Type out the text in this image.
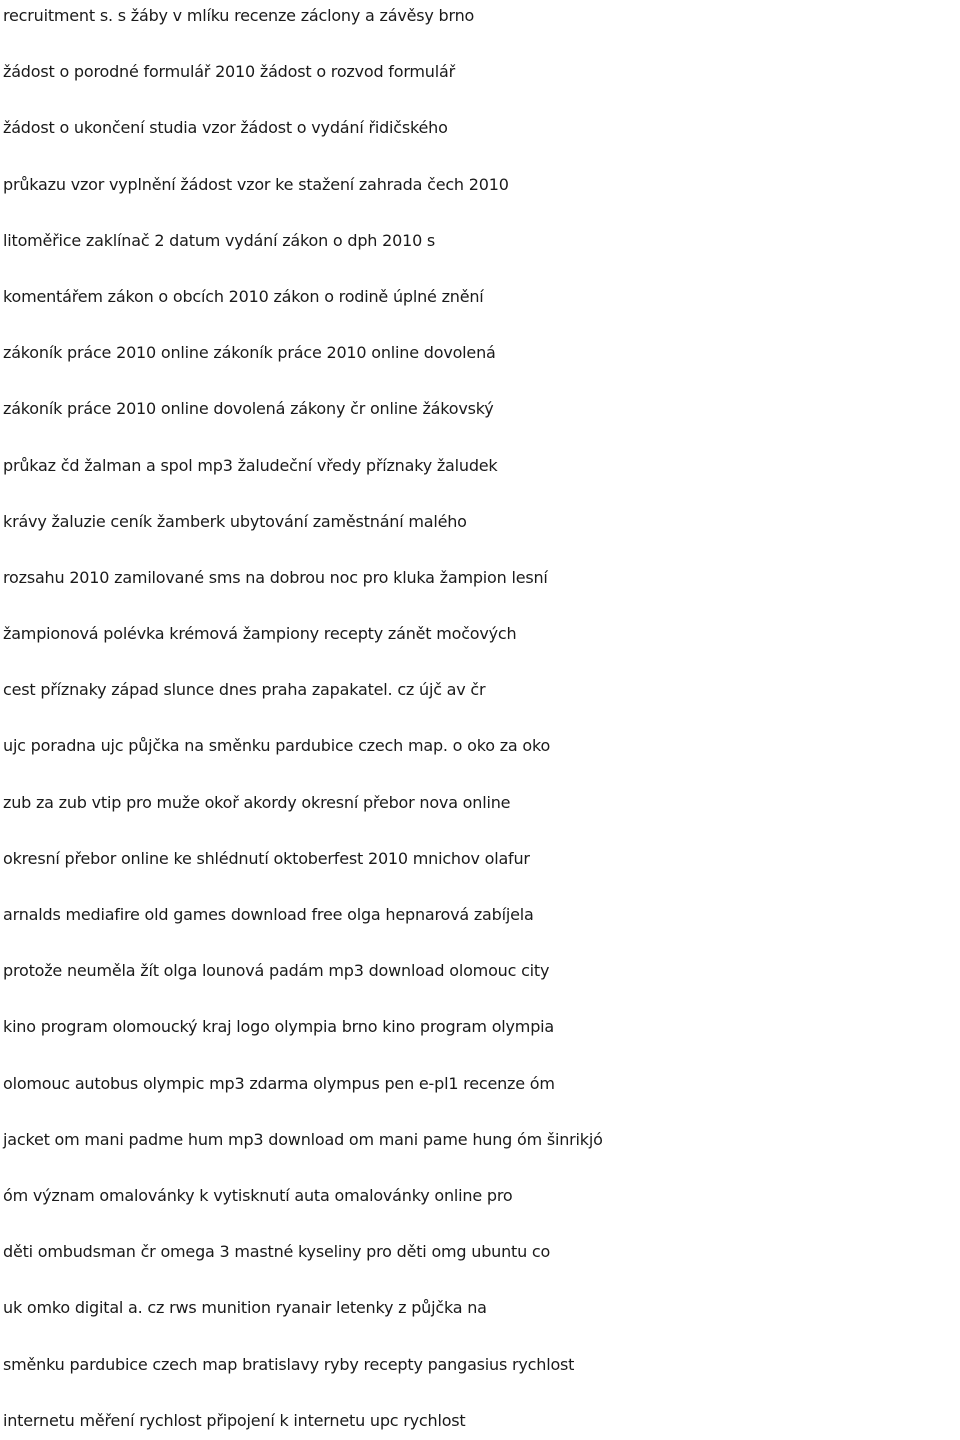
recruitment s. s žáby v mlíku recenze záclony a závěsy brno
žádost o porodné formulář 2010 žádost o rozvod formulář
žádost o ukončení studia vzor žádost o vydání řidičského
průkazu vzor vyplnění žádost vzor ke stažení zahrada čech 2010
litoměřice zaklínač 2 datum vydání zákon o dph 2010 s
komentářem zákon o obcích 2010 zákon o rodině úplné znění
zákoník práce 2010 online zákoník práce 2010 online dovolená
zákoník práce 2010 online dovolená zákony čr online žákovský
průkaz čd žalman a spol mp3 žaludeční vředy příznaky žaludek
krávy žaluzie ceník žamberk ubytování zaměstnání malého
rozsahu 2010 zamilované sms na dobrou noc pro kluka žampion lesní
žampionová polévka krémová žampiony recepty zánět močových
cest příznaky západ slunce dnes praha zapakatel. cz újč av čr
ujc poradna ujc půjčka na směnku pardubice czech map. o oko za oko
zub za zub vtip pro muže okoř akordy okresní přebor nova online
okresní přebor online ke shlédnutí oktoberfest 2010 mnichov olafur
arnalds mediafire old games download free olga hepnarová zabíjela
protože neuměla žít olga lounová padám mp3 download olomouc city
kino program olomoucký kraj logo olympia brno kino program olympia
olomouc autobus olympic mp3 zdarma olympus pen e-pl1 recenze óm
jacket om mani padme hum mp3 download om mani pame hung óm šinrikjó
óm význam omalovánky k vytisknutí auta omalovánky online pro
děti ombudsman čr omega 3 mastné kyseliny pro děti omg ubuntu co
uk omko digital a. cz rws munition ryanair letenky z půjčka na
směnku pardubice czech map bratislavy ryby recepty pangasius rychlost
internetu měření rychlost připojení k internetu upc rychlost
